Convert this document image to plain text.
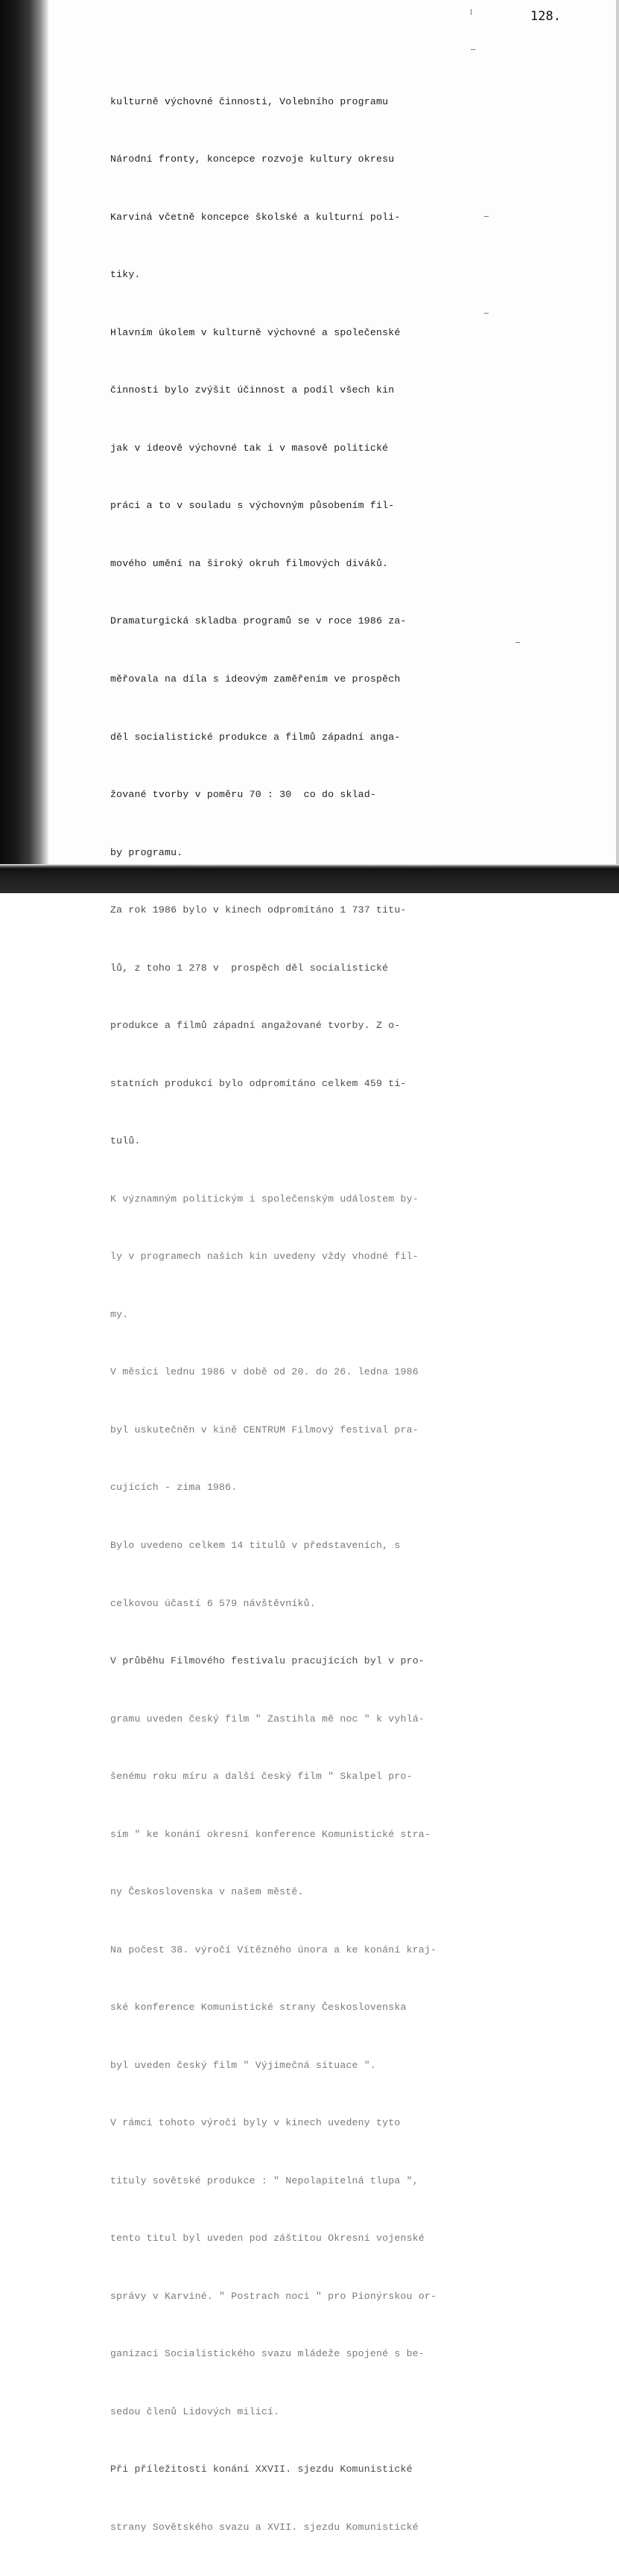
128.

kulturně výchovné činnosti, Volebního programu

Národní fronty, koncepce rozvoje kultury okresu

Karviná včetně koncepce školské a kulturní poli-

tiky.

Hlavním úkolem v kulturně výchovné a společenské

činnosti bylo zvýšit účinnost a podíl všech kin

jak v ideově výchovné tak i v masově politické

práci a to v souladu s výchovným působením fil-

mového umění na široký okruh filmových diváků.

Dramaturgická skladba programů se v roce 1986 za-

měřovala na díla s ideovým zaměřením ve prospěch

děl socialistické produkce a filmů západní anga-

žované tvorby v poměru 70 : 30  co do sklad-

by programu.

Za rok 1986 bylo v kinech odpromítáno 1 737 titu-

lů, z toho 1 278 v  prospěch děl socialistické

produkce a filmů západní angažované tvorby. Z o-

statních produkcí bylo odpromítáno celkem 459 ti-

tulů.

K významným politickým i společenským událostem by-

ly v programech našich kin uvedeny vždy vhodné fil-

my.

V měsíci lednu 1986 v době od 20. do 26. ledna 1986

byl uskutečněn v kině CENTRUM Filmový festival pra-

cujících - zima 1986.

Bylo uvedeno celkem 14 titulů v představeních, s

celkovou účastí 6 579 návštěvníků.

V průběhu Filmového festivalu pracujících byl v pro-

gramu uveden český film " Zastihla mě noc " k vyhlá-

šenému roku míru a další český film " Skalpel pro-

sím " ke konání okresní konference Komunistické stra-

ny Československa v našem městě.

Na počest 38. výročí Vítězného února a ke konání kraj-

ské konference Komunistické strany Československa

byl uveden český film " Výjimečná situace ".

V rámci tohoto výročí byly v kinech uvedeny tyto

tituly sovětské produkce : " Nepolapitelná tlupa ",

tento titul byl uveden pod záštitou Okresní vojenské

správy v Karviné. " Postrach noci " pro Pionýrskou or-

ganizaci Socialistického svazu mládeže spojené s be-

sedou členů Lidových milicí.

Při příležitosti konání XXVII. sjezdu Komunistické

strany Sovětského svazu a XVII. sjezdu Komunistické
